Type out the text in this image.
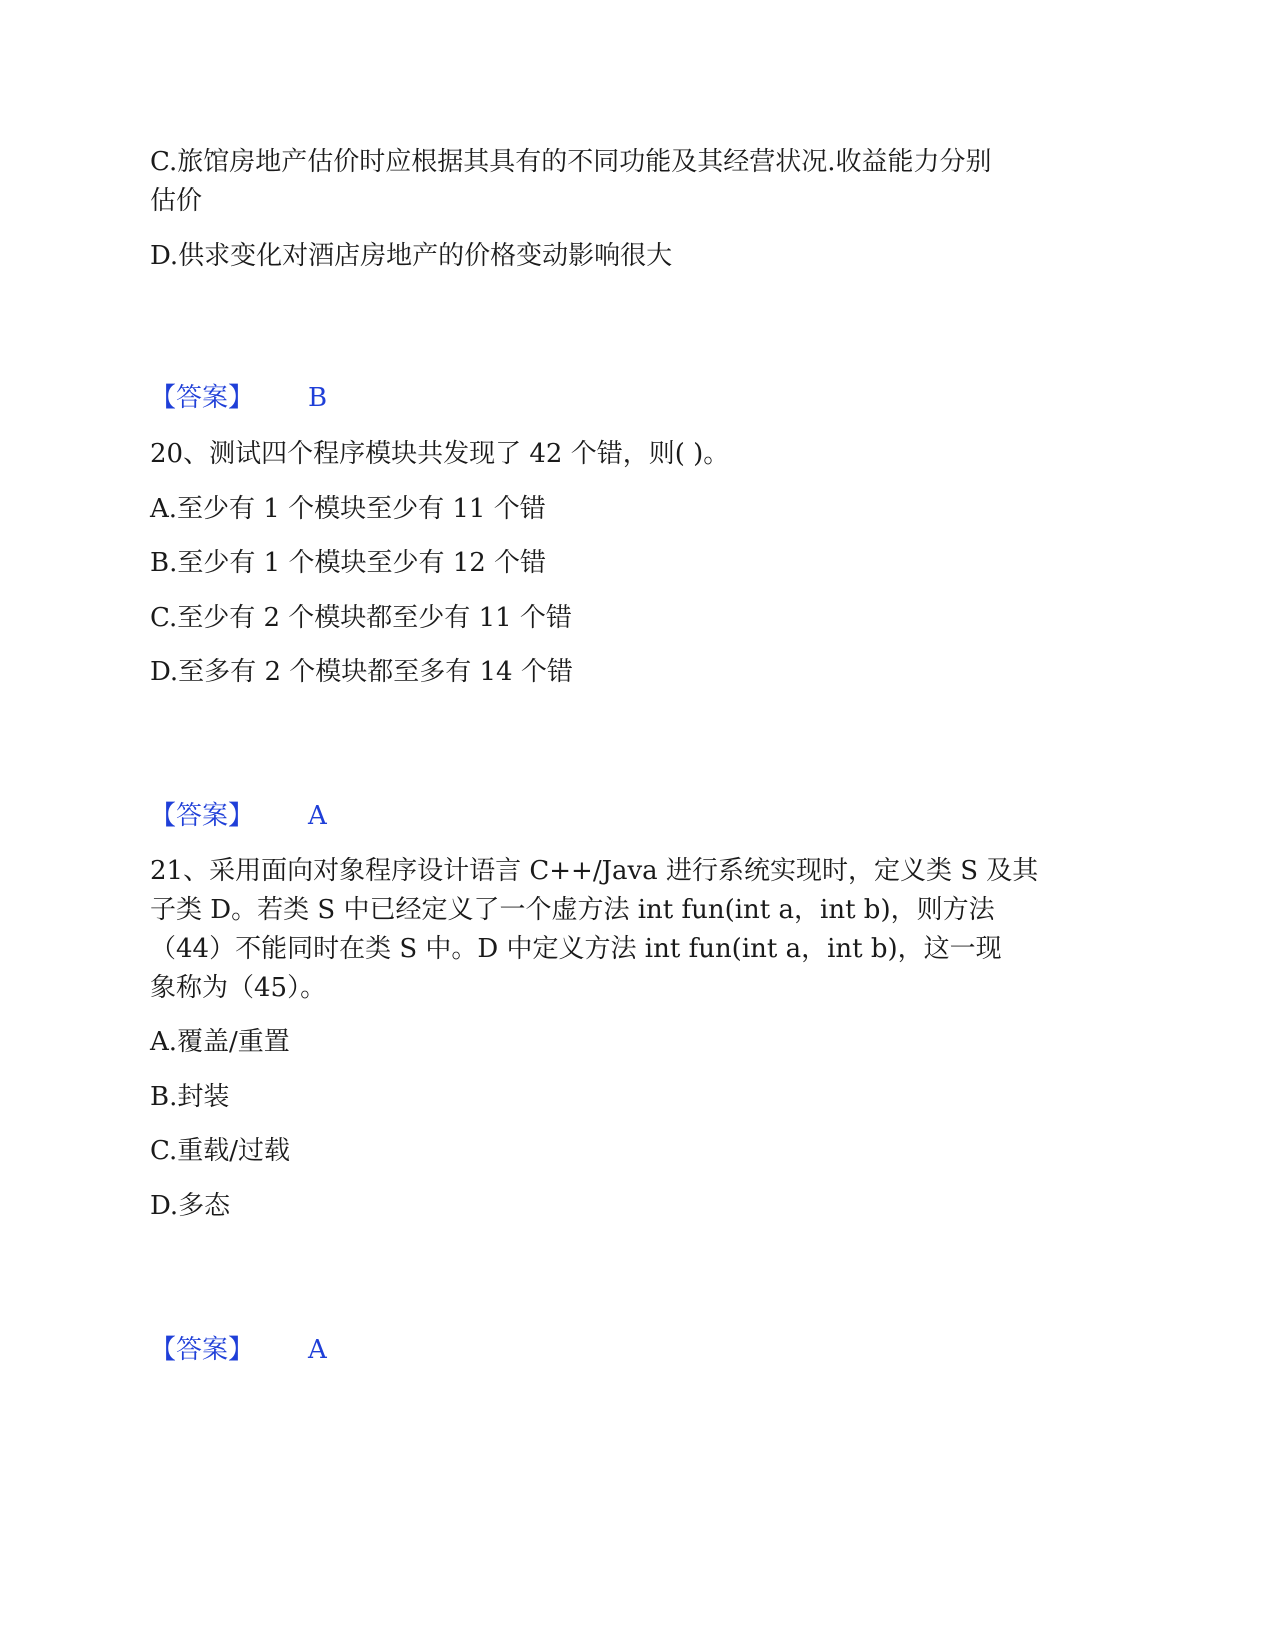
C.旅馆房地产估价时应根据其具有的不同功能及其经营状况.收益能力分别
估价
D.供求变化对酒店房地产的价格变动影响很大
【答案】 B
20、测试四个程序模块共发现了 42 个错，则( )。
A.至少有 1 个模块至少有 11 个错
B.至少有 1 个模块至少有 12 个错
C.至少有 2 个模块都至少有 11 个错
D.至多有 2 个模块都至多有 14 个错
【答案】 A
21、采用面向对象程序设计语言 C++/Java 进行系统实现时，定义类 S 及其
子类 D。若类 S 中已经定义了一个虚方法 int fun(int a，int b)，则方法
（44）不能同时在类 S 中。D 中定义方法 int fun(int a，int b)，这一现
象称为（45）。
A.覆盖/重置
B.封装
C.重载/过载
D.多态
【答案】 A
